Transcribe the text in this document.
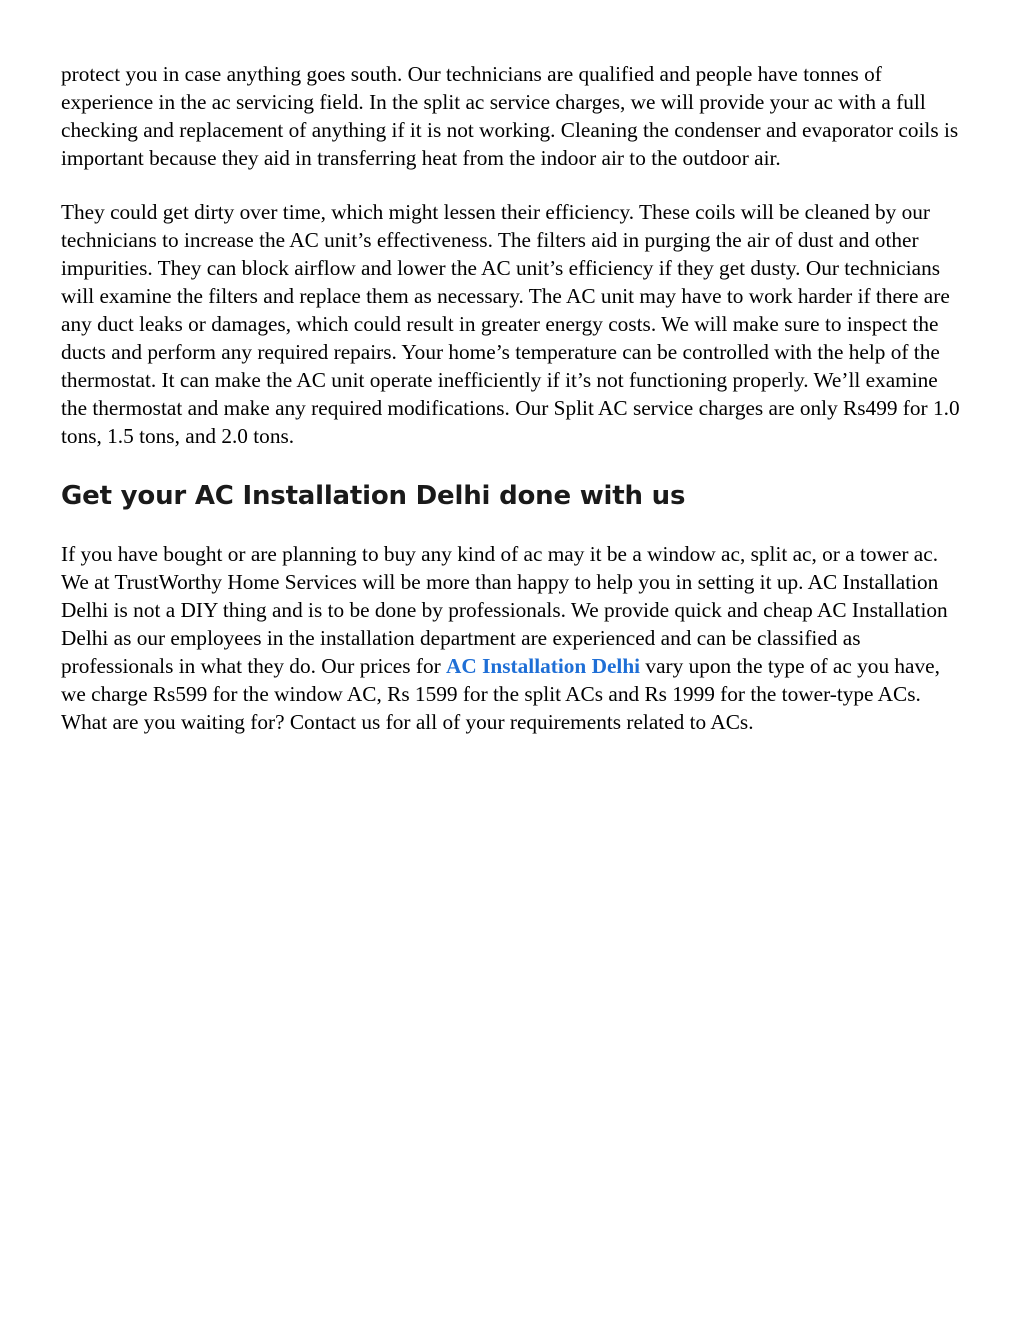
protect you in case anything goes south. Our technicians are qualified and people have tonnes of experience in the ac servicing field. In the split ac service charges, we will provide your ac with a full checking and replacement of anything if it is not working. Cleaning the condenser and evaporator coils is important because they aid in transferring heat from the indoor air to the outdoor air.

They could get dirty over time, which might lessen their efficiency. These coils will be cleaned by our technicians to increase the AC unit’s effectiveness. The filters aid in purging the air of dust and other impurities. They can block airflow and lower the AC unit’s efficiency if they get dusty. Our technicians will examine the filters and replace them as necessary. The AC unit may have to work harder if there are any duct leaks or damages, which could result in greater energy costs. We will make sure to inspect the ducts and perform any required repairs. Your home’s temperature can be controlled with the help of the thermostat. It can make the AC unit operate inefficiently if it’s not functioning properly. We’ll examine the thermostat and make any required modifications. Our Split AC service charges are only Rs499 for 1.0 tons, 1.5 tons, and 2.0 tons.

Get your AC Installation Delhi done with us

If you have bought or are planning to buy any kind of ac may it be a window ac, split ac, or a tower ac. We at TrustWorthy Home Services will be more than happy to help you in setting it up. AC Installation Delhi is not a DIY thing and is to be done by professionals. We provide quick and cheap AC Installation Delhi as our employees in the installation department are experienced and can be classified as professionals in what they do. Our prices for AC Installation Delhi vary upon the type of ac you have, we charge Rs599 for the window AC, Rs 1599 for the split ACs and Rs 1999 for the tower-type ACs. What are you waiting for? Contact us for all of your requirements related to ACs.
